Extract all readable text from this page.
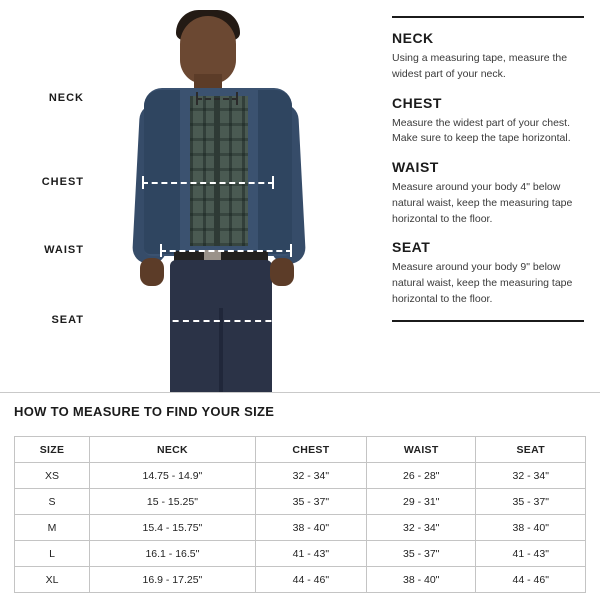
NECK
CHEST
WAIST
SEAT
NECK
Using a measuring tape, measure the widest part of your neck.
CHEST
Measure the widest part of your chest. Make sure to keep the tape horizontal.
WAIST
Measure around your body 4" below natural waist, keep the measuring tape horizontal to the floor.
SEAT
Measure around your body 9" below natural waist, keep the measuring tape horizontal to the floor.
HOW TO MEASURE TO FIND YOUR SIZE
SIZE	NECK	CHEST	WAIST	SEAT
XS	14.75 - 14.9"	32 - 34"	26 - 28"	32 - 34"
S	15 - 15.25"	35 - 37"	29 - 31"	35 - 37"
M	15.4 - 15.75"	38 - 40"	32 - 34"	38 - 40"
L	16.1 - 16.5"	41 - 43"	35 - 37"	41 - 43"
XL	16.9 - 17.25"	44 - 46"	38 - 40"	44 - 46"
